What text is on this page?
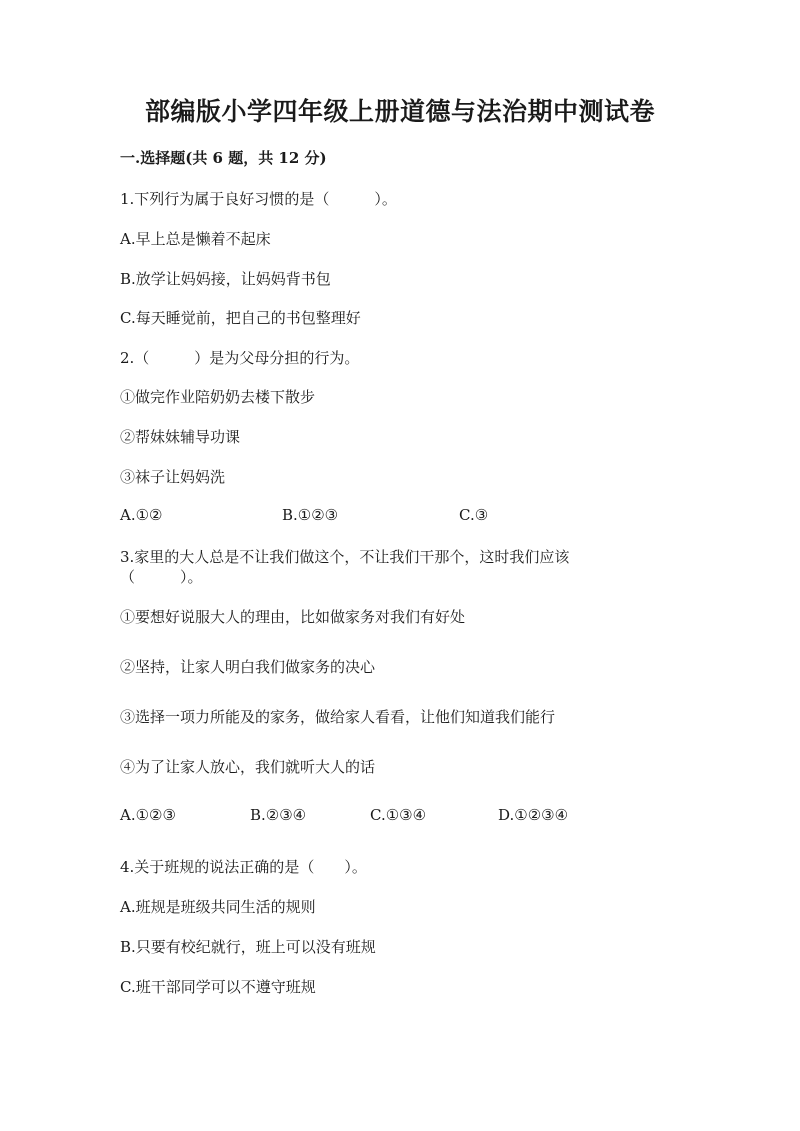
部编版小学四年级上册道德与法治期中测试卷
一.选择题(共 6 题，共 12 分)
1.下列行为属于良好习惯的是（　　　）。
A.早上总是懒着不起床
B.放学让妈妈接，让妈妈背书包
C.每天睡觉前，把自己的书包整理好
2.（　　　）是为父母分担的行为。
①做完作业陪奶奶去楼下散步
②帮妹妹辅导功课
③袜子让妈妈洗
A.①②	B.①②③	C.③
3.家里的大人总是不让我们做这个，不让我们干那个，这时我们应该
（　　　）。
①要想好说服大人的理由，比如做家务对我们有好处
②坚持，让家人明白我们做家务的决心
③选择一项力所能及的家务，做给家人看看，让他们知道我们能行
④为了让家人放心，我们就听大人的话
A.①②③	B.②③④	C.①③④	D.①②③④
4.关于班规的说法正确的是（　　）。
A.班规是班级共同生活的规则
B.只要有校纪就行，班上可以没有班规
C.班干部同学可以不遵守班规
